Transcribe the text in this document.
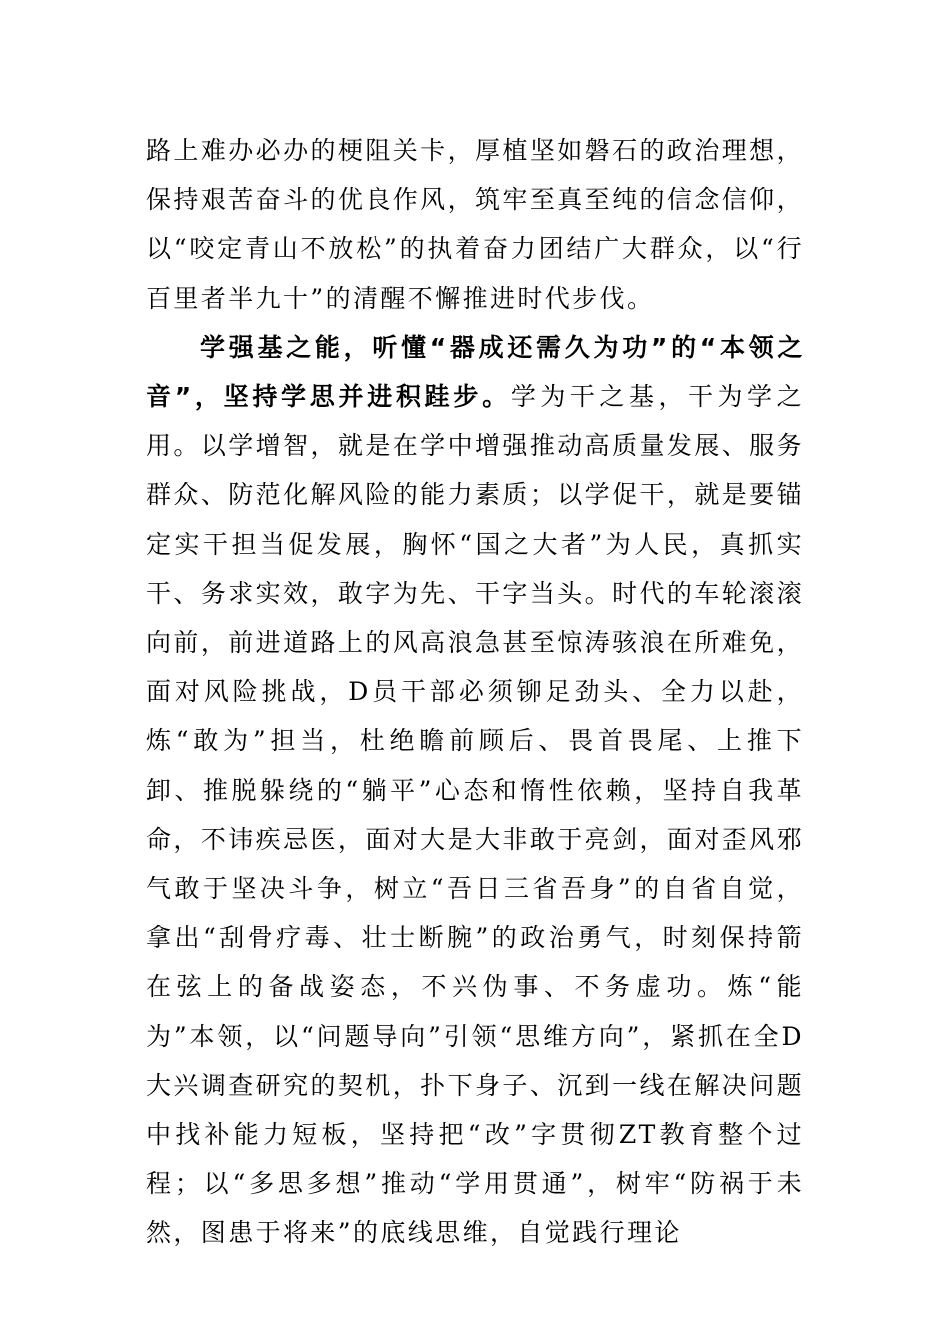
路上难办必办的梗阻关卡，厚植坚如磐石的政治理想，保持艰苦奋斗的优良作风，筑牢至真至纯的信念信仰，以“咬定青山不放松”的执着奋力团结广大群众，以“行百里者半九十”的清醒不懈推进时代步伐。

学强基之能，听懂“器成还需久为功”的“本领之音”，坚持学思并进积跬步。学为干之基，干为学之用。以学增智，就是在学中增强推动高质量发展、服务群众、防范化解风险的能力素质；以学促干，就是要锚定实干担当促发展，胸怀“国之大者”为人民，真抓实干、务求实效，敢字为先、干字当头。时代的车轮滚滚向前，前进道路上的风高浪急甚至惊涛骇浪在所难免，面对风险挑战，D员干部必须铆足劲头、全力以赴，炼“敢为”担当，杜绝瞻前顾后、畏首畏尾、上推下卸、推脱躲绕的“躺平”心态和惰性依赖，坚持自我革命，不讳疾忌医，面对大是大非敢于亮剑，面对歪风邪气敢于坚决斗争，树立“吾日三省吾身”的自省自觉，拿出“刮骨疗毒、壮士断腕”的政治勇气，时刻保持箭在弦上的备战姿态，不兴伪事、不务虚功。炼“能为”本领，以“问题导向”引领“思维方向”，紧抓在全D大兴调查研究的契机，扑下身子、沉到一线在解决问题中找补能力短板，坚持把“改”字贯彻ZT教育整个过程；以“多思多想”推动“学用贯通”，树牢“防祸于未然，图患于将来”的底线思维，自觉践行理论
